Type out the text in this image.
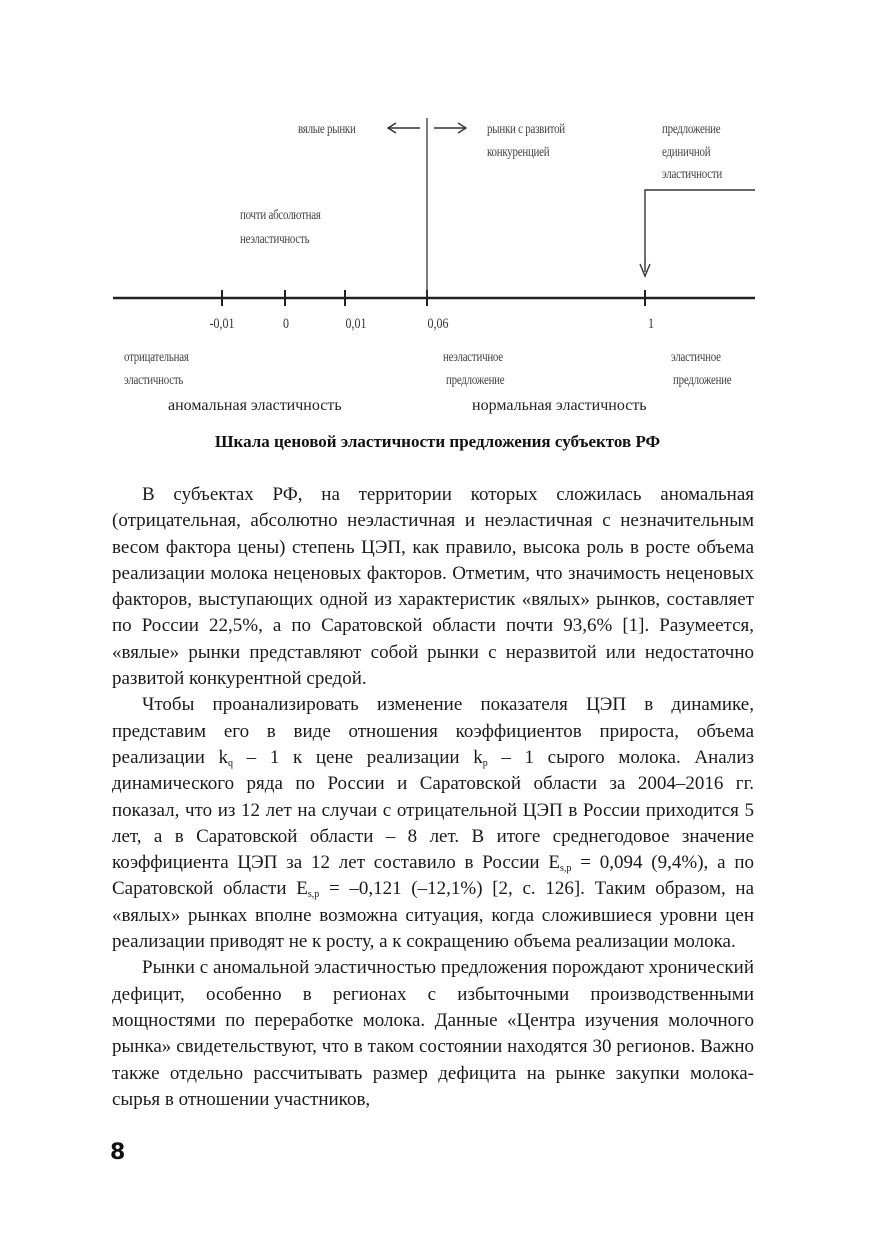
вялые рынки	рынки с развитой
конкуренцией
предложение
единичной
эластичности
почти абсолютная
неэластичность
-0,01	0	0,01	0,06	1
отрицательная
эластичность
неэластичное
предложение
эластичное
предложение
аномальная эластичность	нормальная эластичность
Шкала ценовой эластичности предложения субъектов РФ

В субъектах РФ, на территории которых сложилась аномальная (отрицательная, абсолютно неэластичная и неэластичная с незначительным весом фактора цены) степень ЦЭП, как правило, высока роль в росте объема реализации молока неценовых факторов. Отметим, что значимость неценовых факторов, выступающих одной из характеристик «вялых» рынков, составляет по России 22,5%, а по Саратовской области почти 93,6% [1]. Разумеется, «вялые» рынки представляют собой рынки с неразвитой или недостаточно развитой конкурентной средой.

Чтобы проанализировать изменение показателя ЦЭП в динамике, представим его в виде отношения коэффициентов прироста, объема реализации $k_q - 1$ к цене реализации $k_p - 1$ сырого молока. Анализ динамического ряда по России и Саратовской области за 2004–2016 гг. показал, что из 12 лет на случаи с отрицательной ЦЭП в России приходится 5 лет, а в Саратовской области – 8 лет. В итоге среднегодовое значение коэффициента ЦЭП за 12 лет составило в России $E_{s,p} = 0,094$ (9,4%), а по Саратовской области $E_{s,p} = -0,121$ (–12,1%) [2, с. 126]. Таким образом, на «вялых» рынках вполне возможна ситуация, когда сложившиеся уровни цен реализации приводят не к росту, а к сокращению объема реализации молока.

Рынки с аномальной эластичностью предложения порождают хронический дефицит, особенно в регионах с избыточными производственными мощностями по переработке молока. Данные «Центра изучения молочного рынка» свидетельствуют, что в таком состоянии находятся 30 регионов. Важно также отдельно рассчитывать размер дефицита на рынке закупки молока-сырья в отношении участников,

8
